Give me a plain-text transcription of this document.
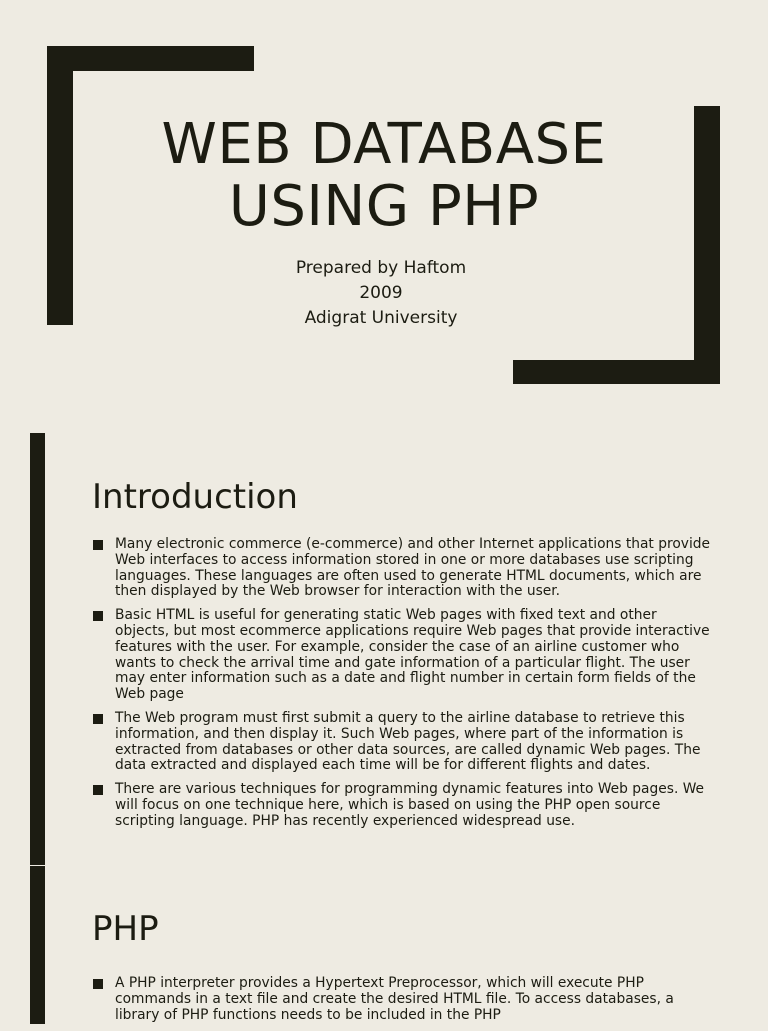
WEB DATABASE
USING PHP
Prepared by Haftom
2009
Adigrat University
Introduction
Many electronic commerce (e-commerce) and other Internet applications that provide Web interfaces to access information stored in one or more databases use scripting languages. These languages are often used to generate HTML documents, which are then displayed by the Web browser for interaction with the user.
Basic HTML is useful for generating static Web pages with fixed text and other objects, but most ecommerce applications require Web pages that provide interactive features with the user. For example, consider the case of an airline customer who wants to check the arrival time and gate information of a particular flight. The user may enter information such as a date and flight number in certain form fields of the Web page
The Web program must first submit a query to the airline database to retrieve this information, and then display it. Such Web pages, where part of the information is extracted from databases or other data sources, are called dynamic Web pages. The data extracted and displayed each time will be for different flights and dates.
There are various techniques for programming dynamic features into Web pages. We will focus on one technique here, which is based on using the PHP open source scripting language. PHP has recently experienced widespread use.
PHP
A PHP interpreter provides a Hypertext Preprocessor, which will execute PHP commands in a text file and create the desired HTML file. To access databases, a library of PHP functions needs to be included in the PHP
